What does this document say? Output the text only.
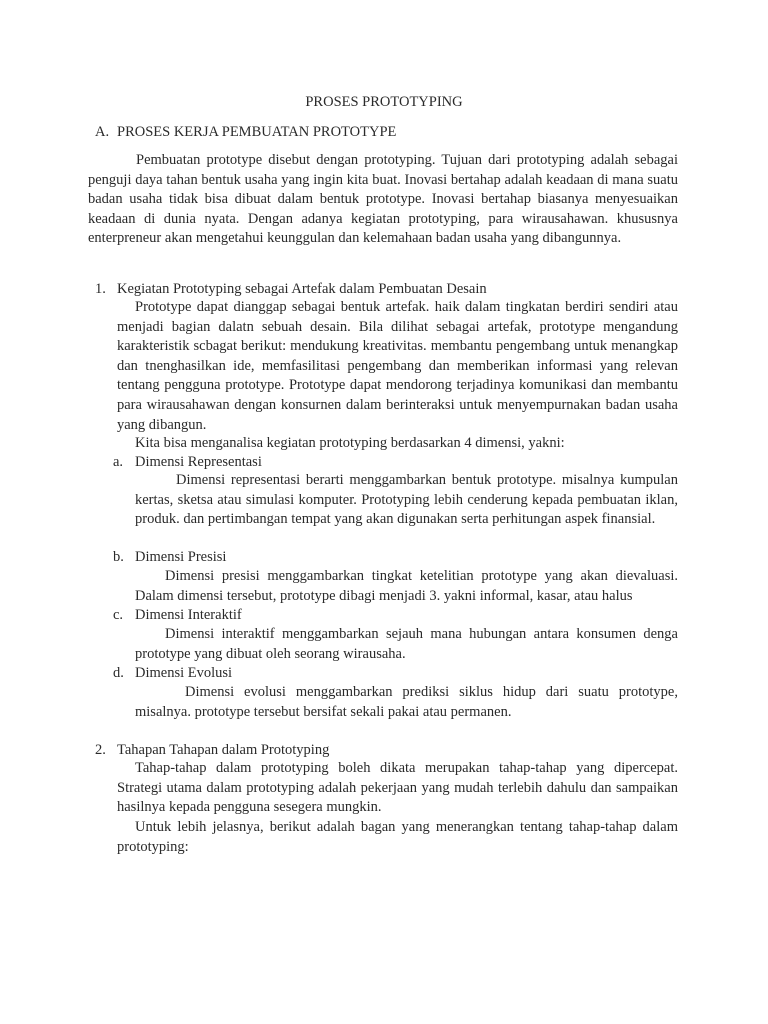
PROSES PROTOTYPING
A. PROSES KERJA PEMBUATAN PROTOTYPE

Pembuatan prototype disebut dengan prototyping. Tujuan dari prototyping adalah sebagai penguji daya tahan bentuk usaha yang ingin kita buat. Inovasi bertahap adalah keadaan di mana suatu badan usaha tidak bisa dibuat dalam bentuk prototype. Inovasi bertahap biasanya menyesuaikan keadaan di dunia nyata. Dengan adanya kegiatan prototyping, para wirausahawan. khususnya enterpreneur akan mengetahui keunggulan dan kelemahaan badan usaha yang dibangunnya.

1. Kegiatan Prototyping sebagai Artefak dalam Pembuatan Desain

Prototype dapat dianggap sebagai bentuk artefak. haik dalam tingkatan berdiri sendiri atau menjadi bagian dalatn sebuah desain. Bila dilihat sebagai artefak, prototype mengandung karakteristik scbagat berikut: mendukung kreativitas. membantu pengembang untuk menangkap dan tnenghasilkan ide, memfasilitasi pengembang dan memberikan informasi yang relevan tentang pengguna prototype. Prototype dapat mendorong terjadinya komunikasi dan membantu para wirausahawan dengan konsurnen dalam berinteraksi untuk menyempurnakan badan usaha yang dibangun.

Kita bisa menganalisa kegiatan prototyping berdasarkan 4 dimensi, yakni:

a. Dimensi Representasi

Dimensi representasi berarti menggambarkan bentuk prototype. misalnya kumpulan kertas, sketsa atau simulasi komputer. Prototyping lebih cenderung kepada pembuatan iklan, produk. dan pertimbangan tempat yang akan digunakan serta perhitungan aspek finansial.

b. Dimensi Presisi

Dimensi presisi menggambarkan tingkat ketelitian prototype yang akan dievaluasi. Dalam dimensi tersebut, prototype dibagi menjadi 3. yakni informal, kasar, atau halus

c. Dimensi Interaktif

Dimensi interaktif menggambarkan sejauh mana hubungan antara konsumen denga prototype yang dibuat oleh seorang wirausaha.

d. Dimensi Evolusi

Dimensi evolusi menggambarkan prediksi siklus hidup dari suatu prototype, misalnya. prototype tersebut bersifat sekali pakai atau permanen.

2. Tahapan Tahapan dalam Prototyping

Tahap-tahap dalam prototyping boleh dikata merupakan tahap-tahap yang dipercepat. Strategi utama dalam prototyping adalah pekerjaan yang mudah terlebih dahulu dan sampaikan hasilnya kepada pengguna sesegera mungkin.

Untuk lebih jelasnya, berikut adalah bagan yang menerangkan tentang tahap-tahap dalam prototyping:
